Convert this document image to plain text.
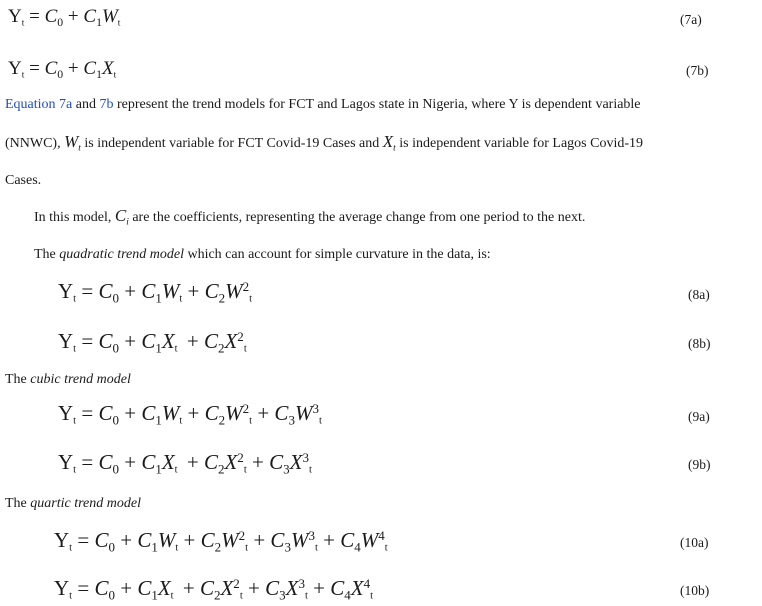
$Y_t = C_0 + C_1W_t$	(7a)
$Y_t = C_0 + C_1X_t$	(7b)
Equation 7a and 7b represent the trend models for FCT and Lagos state in Nigeria, where Y is dependent variable
(NNWC), $W_t$ is independent variable for FCT Covid-19 Cases and $X_t$ is independent variable for Lagos Covid-19
Cases.
In this model, $C_i$ are the coefficients, representing the average change from one period to the next.
The quadratic trend model which can account for simple curvature in the data, is:
$Y_t = C_0 + C_1W_t + C_2W^2_t$	(8a)
$Y_t = C_0 + C_1X_t + C_2X^2_t$	(8b)
The cubic trend model
$Y_t = C_0 + C_1W_t + C_2W^2_t + C_3W^3_t$	(9a)
$Y_t = C_0 + C_1X_t + C_2X^2_t + C_3X^3_t$	(9b)
The quartic trend model
$Y_t = C_0 + C_1W_t + C_2W^2_t + C_3W^3_t + C_4W^4_t$	(10a)
$Y_t = C_0 + C_1X_t + C_2X^2_t + C_3X^3_t + C_4X^4_t$	(10b)
